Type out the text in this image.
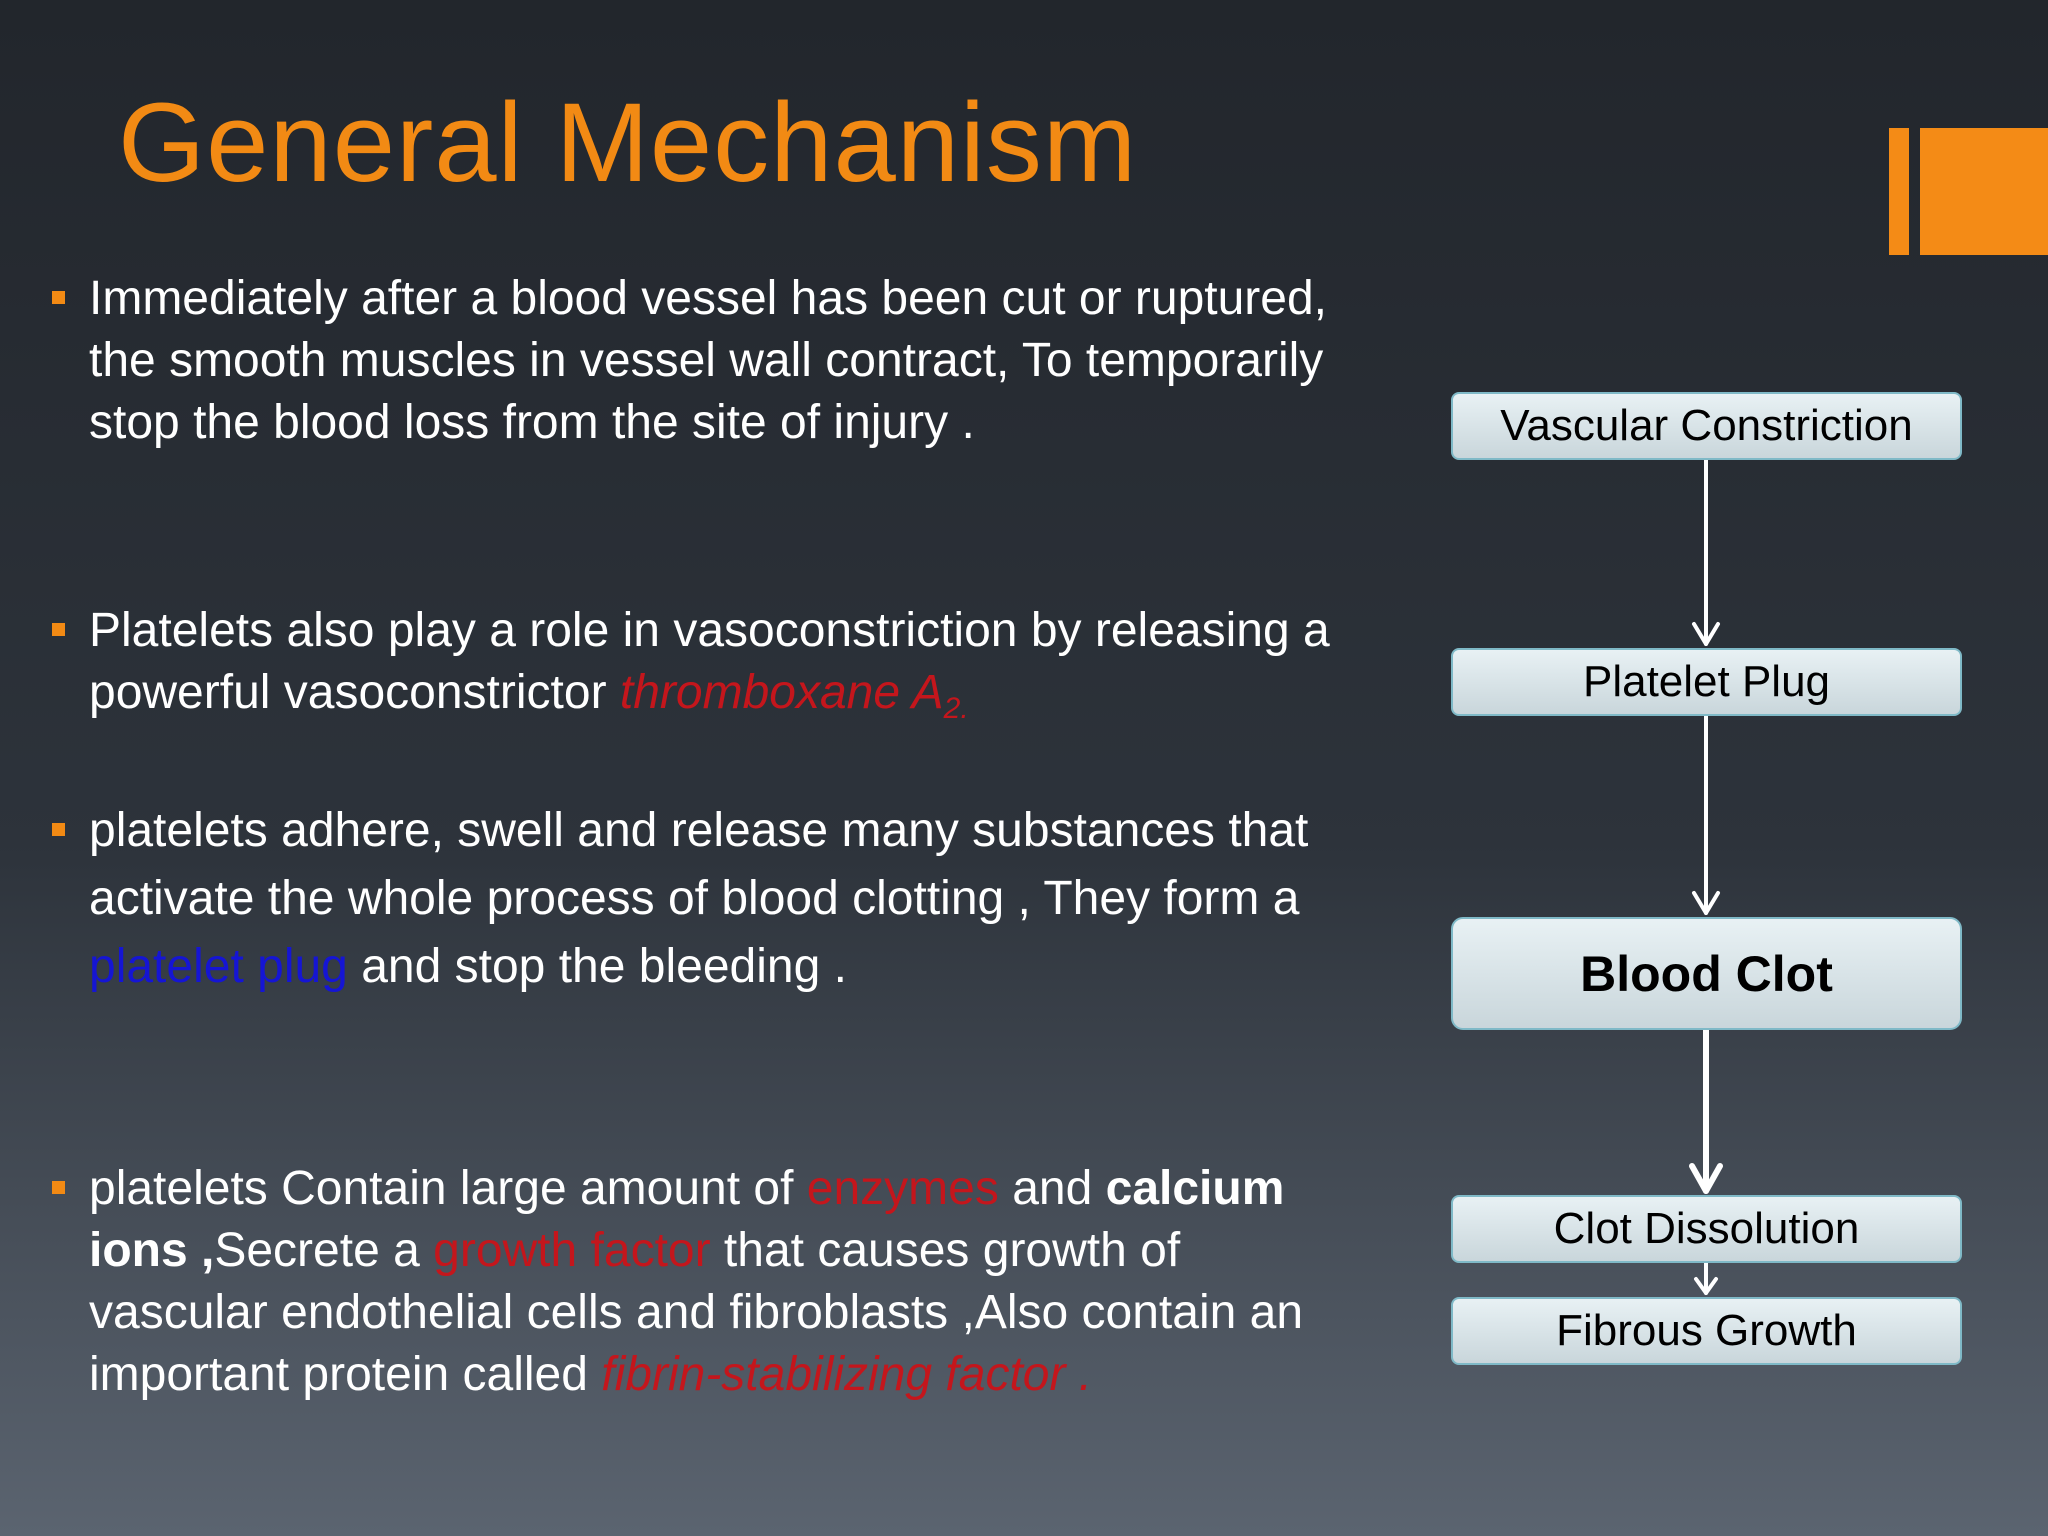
General Mechanism
Immediately after a blood vessel has been cut or ruptured, the smooth muscles in vessel wall contract, To temporarily stop the blood loss from the site of injury .
Platelets also play a role in vasoconstriction by releasing a powerful vasoconstrictor thromboxane $A_{2.}$
platelets adhere, swell and release many substances that activate the whole process of blood clotting , They form a platelet plug and stop the bleeding .
platelets Contain large amount of enzymes and calcium ions ,Secrete a growth factor that causes growth of vascular endothelial cells and fibroblasts ,Also contain an important protein called fibrin-stabilizing factor .
Vascular Constriction
Platelet Plug
Blood Clot
Clot Dissolution
Fibrous Growth
